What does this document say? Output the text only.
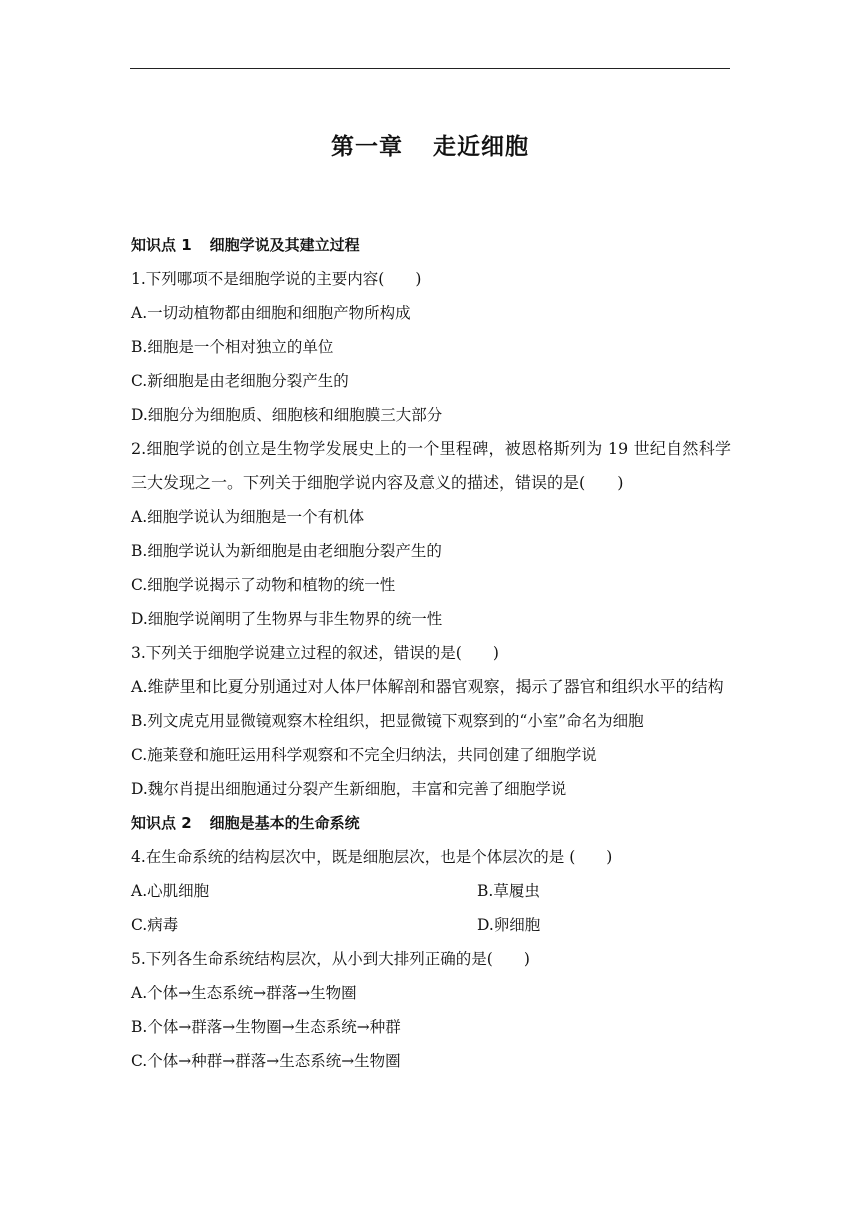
第一章 走近细胞
知识点 1 细胞学说及其建立过程
1.下列哪项不是细胞学说的主要内容(　　)
A.一切动植物都由细胞和细胞产物所构成
B.细胞是一个相对独立的单位
C.新细胞是由老细胞分裂产生的
D.细胞分为细胞质、细胞核和细胞膜三大部分
2.细胞学说的创立是生物学发展史上的一个里程碑，被恩格斯列为 19 世纪自然科学三大发现之一。下列关于细胞学说内容及意义的描述，错误的是(　　)
A.细胞学说认为细胞是一个有机体
B.细胞学说认为新细胞是由老细胞分裂产生的
C.细胞学说揭示了动物和植物的统一性
D.细胞学说阐明了生物界与非生物界的统一性
3.下列关于细胞学说建立过程的叙述，错误的是(　　)
A.维萨里和比夏分别通过对人体尸体解剖和器官观察，揭示了器官和组织水平的结构
B.列文虎克用显微镜观察木栓组织，把显微镜下观察到的“小室”命名为细胞
C.施莱登和施旺运用科学观察和不完全归纳法，共同创建了细胞学说
D.魏尔肖提出细胞通过分裂产生新细胞，丰富和完善了细胞学说
知识点 2 细胞是基本的生命系统
4.在生命系统的结构层次中，既是细胞层次，也是个体层次的是 (　　)
A.心肌细胞	B.草履虫
C.病毒	D.卵细胞
5.下列各生命系统结构层次，从小到大排列正确的是(　　)
A.个体→生态系统→群落→生物圈
B.个体→群落→生物圈→生态系统→种群
C.个体→种群→群落→生态系统→生物圈
